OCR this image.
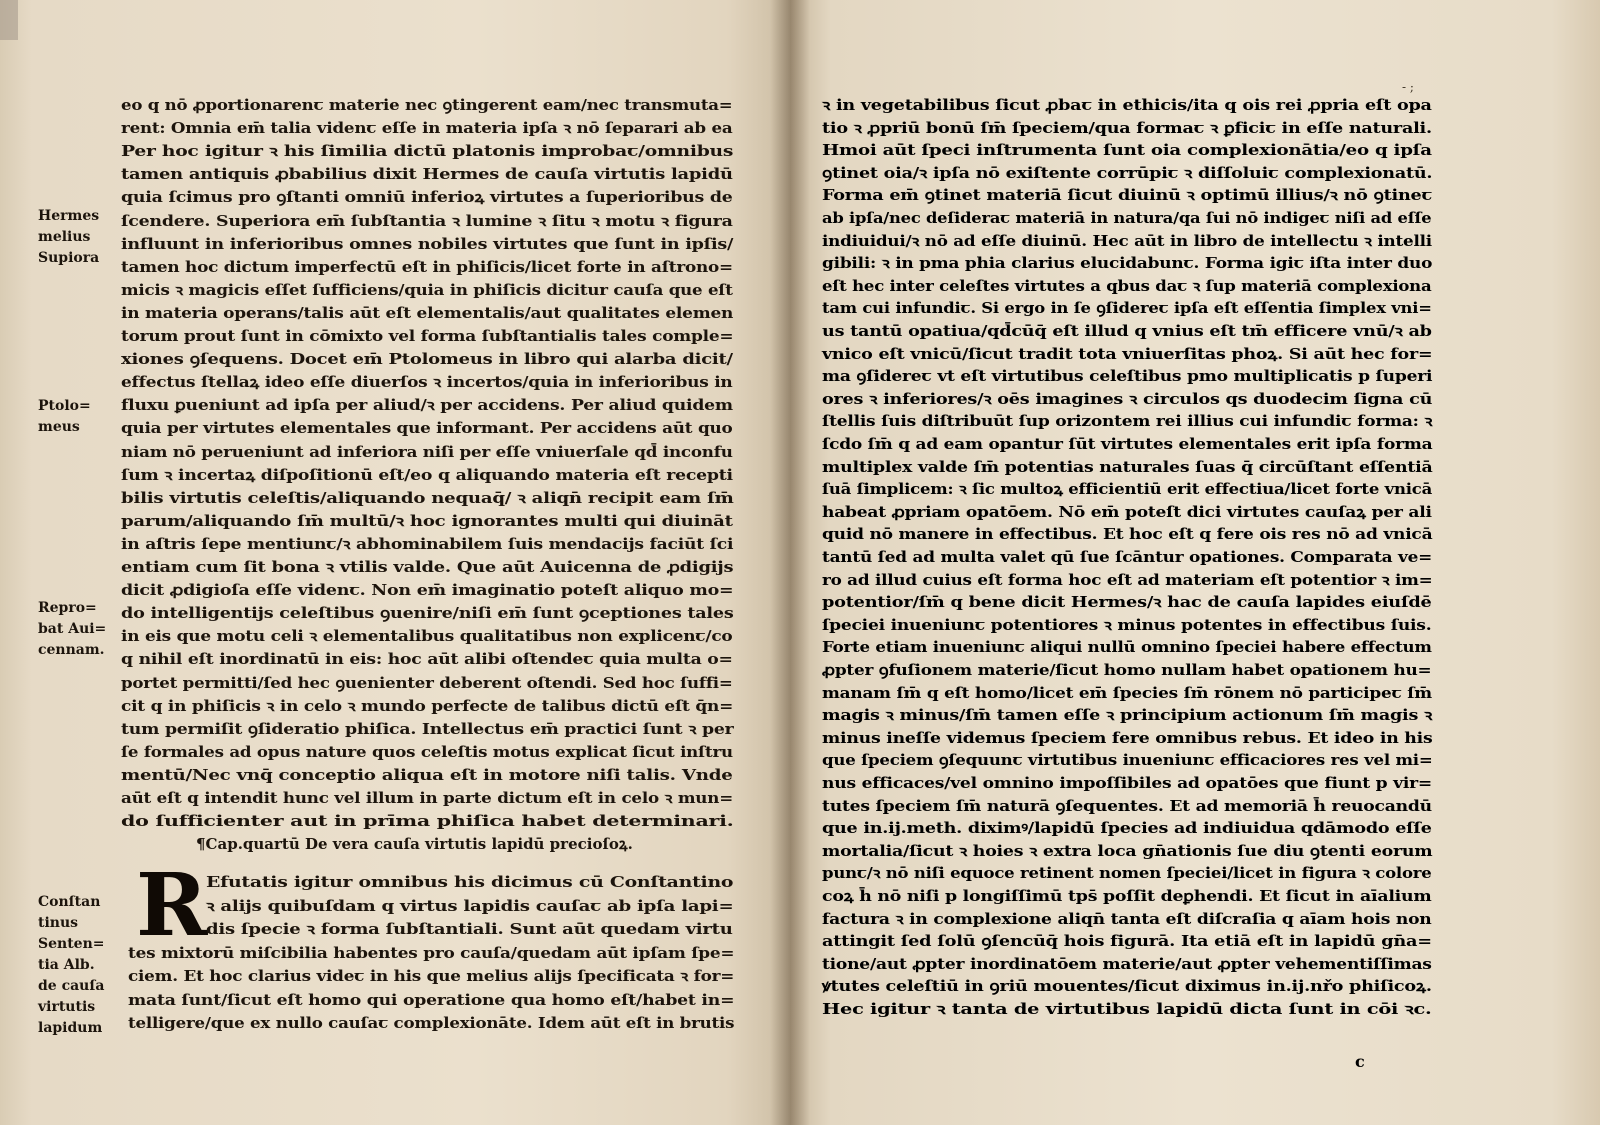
eo q nō ꝓportionarenꞇ materie nec ꝯtingerent eam/nec transmuta=
rent: Omnia em̄ talia videnꞇ eſſe in materia ipſa ꝛ nō ſeparari ab ea
Per hoc igitur ꝛ his ſimilia dictū platonis improbaꞇ/omnibus
tamen antiquis ꝓbabilius dixit Hermes de cauſa virtutis lapidū
quia ſcimus pro ꝯſtanti omniū inferioꝝ virtutes a ſuperioribus de
ſcendere. Superiora em̄ ſubſtantia ꝛ lumine ꝛ ſitu ꝛ motu ꝛ figura
influunt in inferioribus omnes nobiles virtutes que ſunt in ipſis/
tamen hoc dictum imperfectū eſt in phiſicis/licet forte in aſtrono=
micis ꝛ magicis eſſet ſufficiens/quia in phiſicis dicitur cauſa que eſt
in materia operans/talis aūt eſt elementalis/aut qualitates elemen
torum prout ſunt in cōmixto vel forma ſubſtantialis tales comple=
xiones ꝯſequens. Docet em̄ Ptolomeus in libro qui alarba dicit/
effectus ſtellaꝝ ideo eſſe diuerſos ꝛ incertos/quia in inferioribus in
fluxu ꝑueniunt ad ipſa per aliud/ꝛ per accidens. Per aliud quidem
quia per virtutes elementales que informant. Per accidens aūt quo
niam nō perueniunt ad inferiora niſi per eſſe vniuerſale qd̄ inconfu
ſum ꝛ incertaꝝ diſpoſitionū eſt/eo q aliquando materia eſt recepti
bilis virtutis celeſtis/aliquando nequaq̄/ ꝛ aliqn̄ recipit eam ſm̄
parum/aliquando ſm̄ multū/ꝛ hoc ignorantes multi qui diuināt
in aſtris ſepe mentiunꞇ/ꝛ abhominabilem ſuis mendacijs faciūt ſci
entiam cum ſit bona ꝛ vtilis valde. Que aūt Auicenna de ꝓdigijs
dicit ꝓdigioſa eſſe videnꞇ. Non em̄ imaginatio poteſt aliquo mo=
do intelligentijs celeſtibus ꝯuenire/niſi em̄ ſunt ꝯceptiones tales
in eis que motu celi ꝛ elementalibus qualitatibus non explicenꞇ/co
q nihil eſt inordinatū in eis: hoc aūt alibi oſtendeꞇ quia multa o=
portet permitti/ſed hec ꝯuenienter deberent oſtendi. Sed hoc ſuffi=
cit q in phiſicis ꝛ in celo ꝛ mundo perfecte de talibus dictū eſt q̄n=
tum permiſit ꝯſideratio phiſica. Intellectus em̄ practici ſunt ꝛ per
ſe formales ad opus nature quos celeſtis motus explicat ſicut inſtru
mentū/Nec vnq̄ conceptio aliqua eſt in motore niſi talis. Vnde
aūt eſt q intendit hunc vel illum in parte dictum eſt in celo ꝛ mun=
do ſufficienter aut in prīma phiſica habet determinari.
¶Cap.quartū De vera cauſa virtutis lapidū precioſoꝝ.
R
Efutatis igitur omnibus his dicimus cū Conſtantino
ꝛ alijs quibuſdam q virtus lapidis cauſaꞇ ab ipſa lapi=
dis ſpecie ꝛ forma ſubſtantiali. Sunt aūt quedam virtu
tes mixtorū miſcibilia habentes pro cauſa/quedam aūt ipſam ſpe=
ciem. Et hoc clarius videꞇ in his que melius alijs ſpecificata ꝛ for=
mata ſunt/ſicut eſt homo qui operatione qua homo eſt/habet in=
telligere/que ex nullo cauſaꞇ complexionāte. Idem aūt eſt in brutis
Hermes
melius
Supiora
Ptolo=
meus
Repro=
bat Aui=
cennam.
Conſtan
tinus
Senten=
tia Alb.
de cauſa
virtutis
lapidum
ꝛ in vegetabilibus ſicut ꝓbaꞇ in ethicis/ita q ois rei ꝓpria eſt opa
tio ꝛ ꝓpriū bonū ſm̄ ſpeciem/qua formaꞇ ꝛ ꝑficiꞇ in eſſe naturali.
Hmoi aūt ſpeci inſtrumenta ſunt oia complexionātia/eo q ipſa
ꝯtinet oia/ꝛ ipſa nō exiſtente corrūpiꞇ ꝛ diſſoluiꞇ complexionatū.
Forma em̄ ꝯtinet materiā ſicut diuinū ꝛ optimū illius/ꝛ nō ꝯtineꞇ
ab ipſa/nec deſideraꞇ materiā in natura/qa ſui nō indigeꞇ niſi ad eſſe
indiuidui/ꝛ nō ad eſſe diuinū. Hec aūt in libro de intellectu ꝛ intelli
gibili: ꝛ in pma phia clarius elucidabunꞇ. Forma igiꞇ iſta inter duo
eſt hec inter celeſtes virtutes a qbus daꞇ ꝛ ſup materiā complexiona
tam cui infundiꞇ. Si ergo in ſe ꝯſidereꞇ ipſa eſt eſſentia ſimplex vni=
us tantū opatiua/qd̄cūq̄ eſt illud q vnius eſt tm̄ efficere vnū/ꝛ ab
vnico eſt vnicū/ſicut tradit tota vniuerſitas phoꝝ. Si aūt hec for=
ma ꝯſidereꞇ vt eſt virtutibus celeſtibus pmo multiplicatis p ſuperi
ores ꝛ inferiores/ꝛ oēs imagines ꝛ circulos qs duodecim ſigna cū
ſtellis ſuis diſtribuūt ſup orizontem rei illius cui infundiꞇ forma: ꝛ
ſcdo ſm̄ q ad eam opantur ſūt virtutes elementales erit ipſa forma
multiplex valde ſm̄ potentias naturales ſuas q̄ circūſtant eſſentiā
ſuā ſimplicem: ꝛ ſic multoꝝ efficientiū erit effectiua/licet forte vnicā
habeat ꝓpriam opatōem. Nō em̄ poteſt dici virtutes cauſaꝝ per ali
quid nō manere in effectibus. Et hoc eſt q fere ois res nō ad vnicā
tantū ſed ad multa valet qū ſue ſcāntur opationes. Comparata ve=
ro ad illud cuius eſt forma hoc eſt ad materiam eſt potentior ꝛ im=
potentior/ſm̄ q bene dicit Hermes/ꝛ hac de cauſa lapides eiuſdē
ſpeciei inueniunꞇ potentiores ꝛ minus potentes in effectibus ſuis.
Forte etiam inueniunꞇ aliqui nullū omnino ſpeciei habere effectum
ꝓpter ꝯfuſionem materie/ſicut homo nullam habet opationem hu=
manam ſm̄ q eſt homo/licet em̄ ſpecies ſm̄ rōnem nō participeꞇ ſm̄
magis ꝛ minus/ſm̄ tamen eſſe ꝛ principium actionum ſm̄ magis ꝛ
minus ineſſe videmus ſpeciem fere omnibus rebus. Et ideo in his
que ſpeciem ꝯſequunꞇ virtutibus inueniunꞇ efficaciores res vel mi=
nus efficaces/vel omnino impoſſibiles ad opatōes que fiunt p vir=
tutes ſpeciem ſm̄ naturā ꝯſequentes. Et ad memoriā h̄ reuocandū
que in.ij.meth. diximꝰ/lapidū ſpecies ad indiuidua qdāmodo eſſe
mortalia/ſicut ꝛ hoies ꝛ extra loca gn̄ationis ſue diu ꝯtenti eorum
punꞇ/ꝛ nō niſi equoce retinent nomen ſpeciei/licet in figura ꝛ colore
coꝝ h̄ nō niſi p longiſſimū tps̄ poſſit deꝑhendi. Et ſicut in aīalium
factura ꝛ in complexione aliqn̄ tanta eſt diſcraſia q aīam hois non
attingit ſed ſolū ꝯſencūq̄ hois figurā. Ita etiā eſt in lapidū gn̄a=
tione/aut ꝓpter inordinatōem materie/aut ꝓpter vehementiſſimas
ꝟtutes celeſtiū in ꝯriū mouentes/ſicut diximus in.ij.nřo phiſicoꝝ.
Hec igitur ꝛ tanta de virtutibus lapidū dicta ſunt in cōi ꝛc.
- ;
c
